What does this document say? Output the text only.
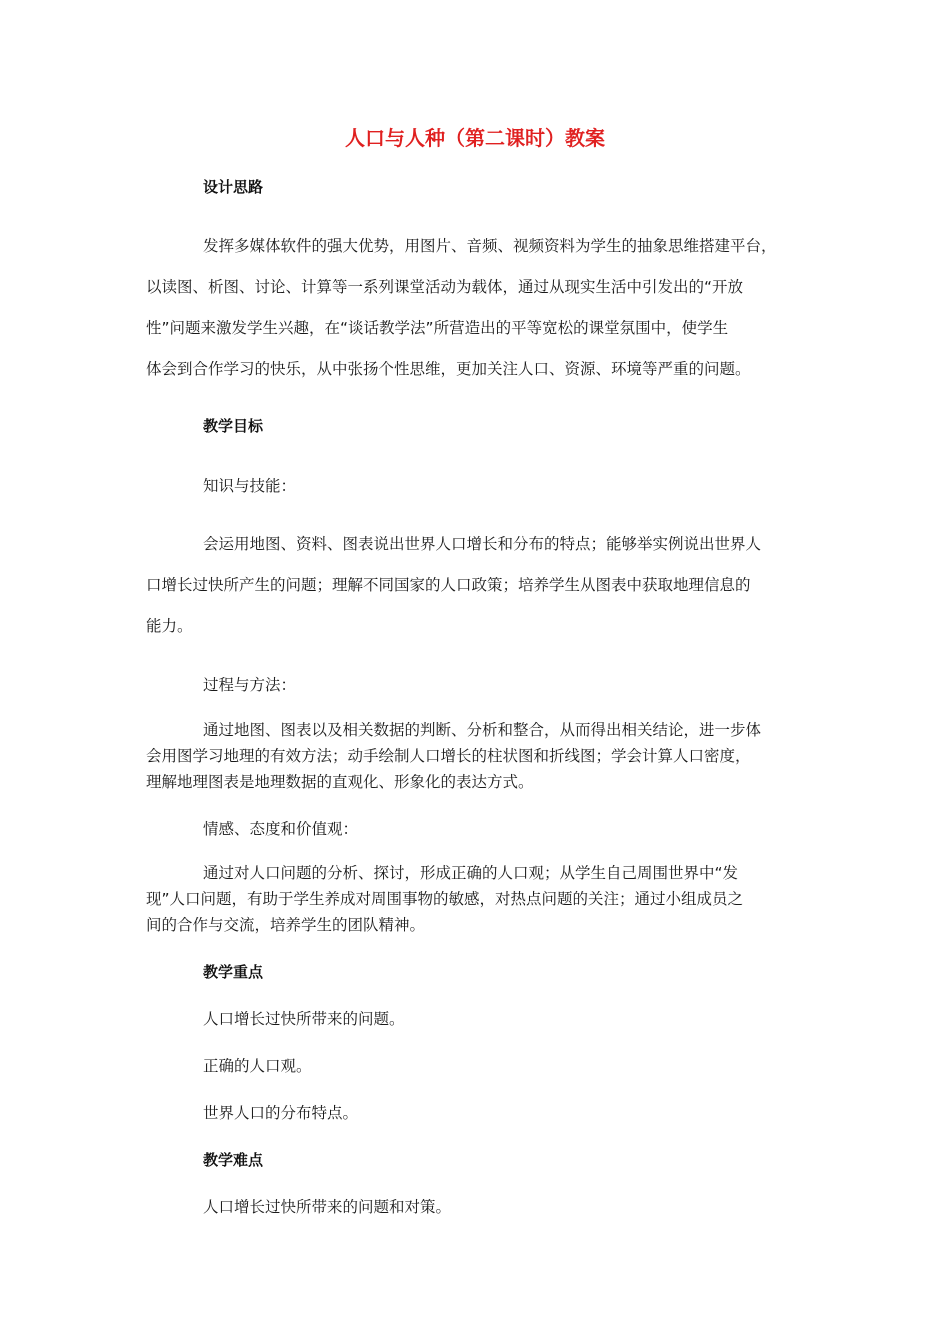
人口与人种（第二课时）教案
设计思路
发挥多媒体软件的强大优势，用图片、音频、视频资料为学生的抽象思维搭建平台，
以读图、析图、讨论、计算等一系列课堂活动为载体，通过从现实生活中引发出的“开放
性”问题来激发学生兴趣，在“谈话教学法”所营造出的平等宽松的课堂氛围中，使学生
体会到合作学习的快乐，从中张扬个性思维，更加关注人口、资源、环境等严重的问题。
教学目标
知识与技能：
会运用地图、资料、图表说出世界人口增长和分布的特点；能够举实例说出世界人
口增长过快所产生的问题；理解不同国家的人口政策；培养学生从图表中获取地理信息的
能力。
过程与方法：
通过地图、图表以及相关数据的判断、分析和整合，从而得出相关结论，进一步体
会用图学习地理的有效方法；动手绘制人口增长的柱状图和折线图；学会计算人口密度，
理解地理图表是地理数据的直观化、形象化的表达方式。
情感、态度和价值观：
通过对人口问题的分析、探讨，形成正确的人口观；从学生自己周围世界中“发
现”人口问题，有助于学生养成对周围事物的敏感，对热点问题的关注；通过小组成员之
间的合作与交流，培养学生的团队精神。
教学重点
人口增长过快所带来的问题。
正确的人口观。
世界人口的分布特点。
教学难点
人口增长过快所带来的问题和对策。
